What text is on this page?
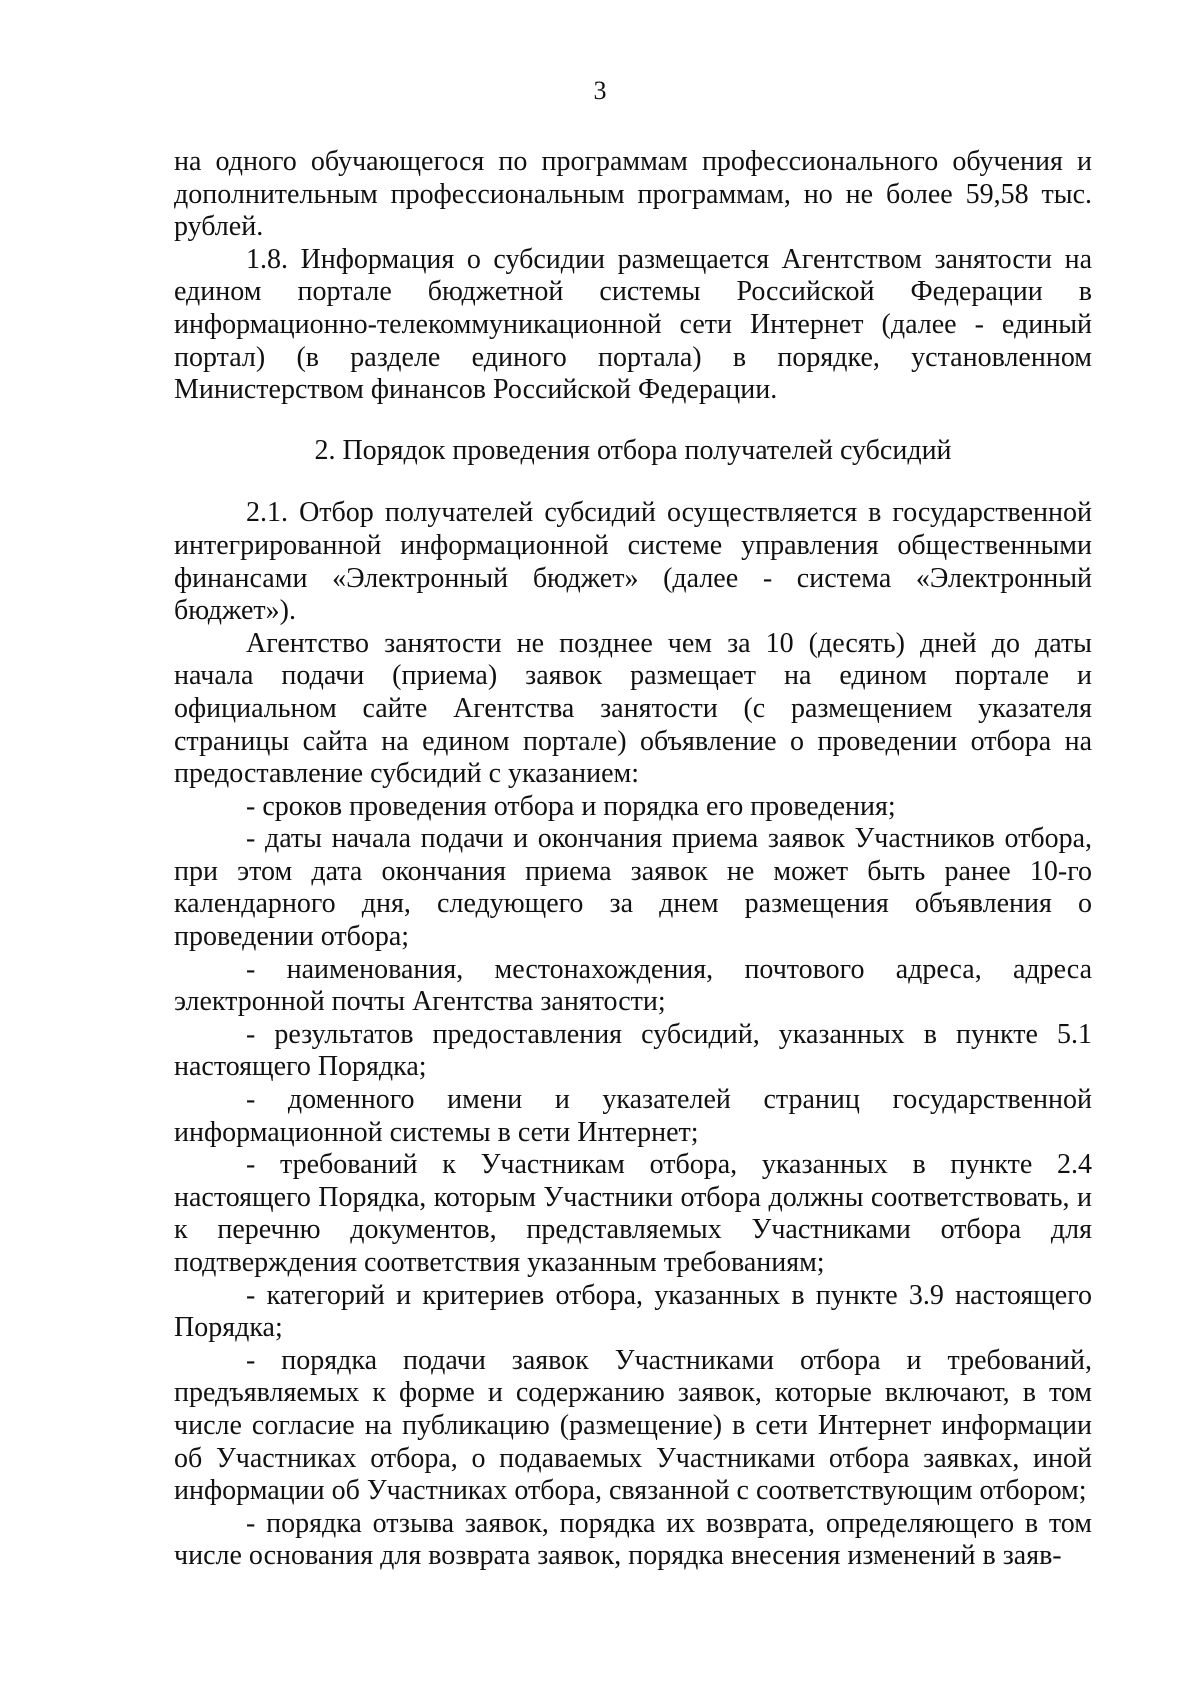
3

на одного обучающегося по программам профессионального обучения и дополнительным профессиональным программам, но не более 59,58 тыс. рублей.

1.8. Информация о субсидии размещается Агентством занятости на едином портале бюджетной системы Российской Федерации в информационно-телекоммуникационной сети Интернет (далее - единый портал) (в разделе единого портала) в порядке, установленном Министерством финансов Российской Федерации.

2. Порядок проведения отбора получателей субсидий

2.1. Отбор получателей субсидий осуществляется в государственной интегрированной информационной системе управления общественными финансами «Электронный бюджет» (далее - система «Электронный бюджет»).

Агентство занятости не позднее чем за 10 (десять) дней до даты начала подачи (приема) заявок размещает на едином портале и официальном сайте Агентства занятости (с размещением указателя страницы сайта на едином портале) объявление о проведении отбора на предоставление субсидий с указанием:

- сроков проведения отбора и порядка его проведения;

- даты начала подачи и окончания приема заявок Участников отбора, при этом дата окончания приема заявок не может быть ранее 10-го календарного дня, следующего за днем размещения объявления о проведении отбора;

- наименования, местонахождения, почтового адреса, адреса электронной почты Агентства занятости;

- результатов предоставления субсидий, указанных в пункте 5.1 настоящего Порядка;

- доменного имени и указателей страниц государственной информационной системы в сети Интернет;

- требований к Участникам отбора, указанных в пункте 2.4 настоящего Порядка, которым Участники отбора должны соответствовать, и к перечню документов, представляемых Участниками отбора для подтверждения соответствия указанным требованиям;

- категорий и критериев отбора, указанных в пункте 3.9 настоящего Порядка;

- порядка подачи заявок Участниками отбора и требований, предъявляемых к форме и содержанию заявок, которые включают, в том числе согласие на публикацию (размещение) в сети Интернет информации об Участниках отбора, о подаваемых Участниками отбора заявках, иной информации об Участниках отбора, связанной с соответствующим отбором;

- порядка отзыва заявок, порядка их возврата, определяющего в том числе основания для возврата заявок, порядка внесения изменений в заяв-
